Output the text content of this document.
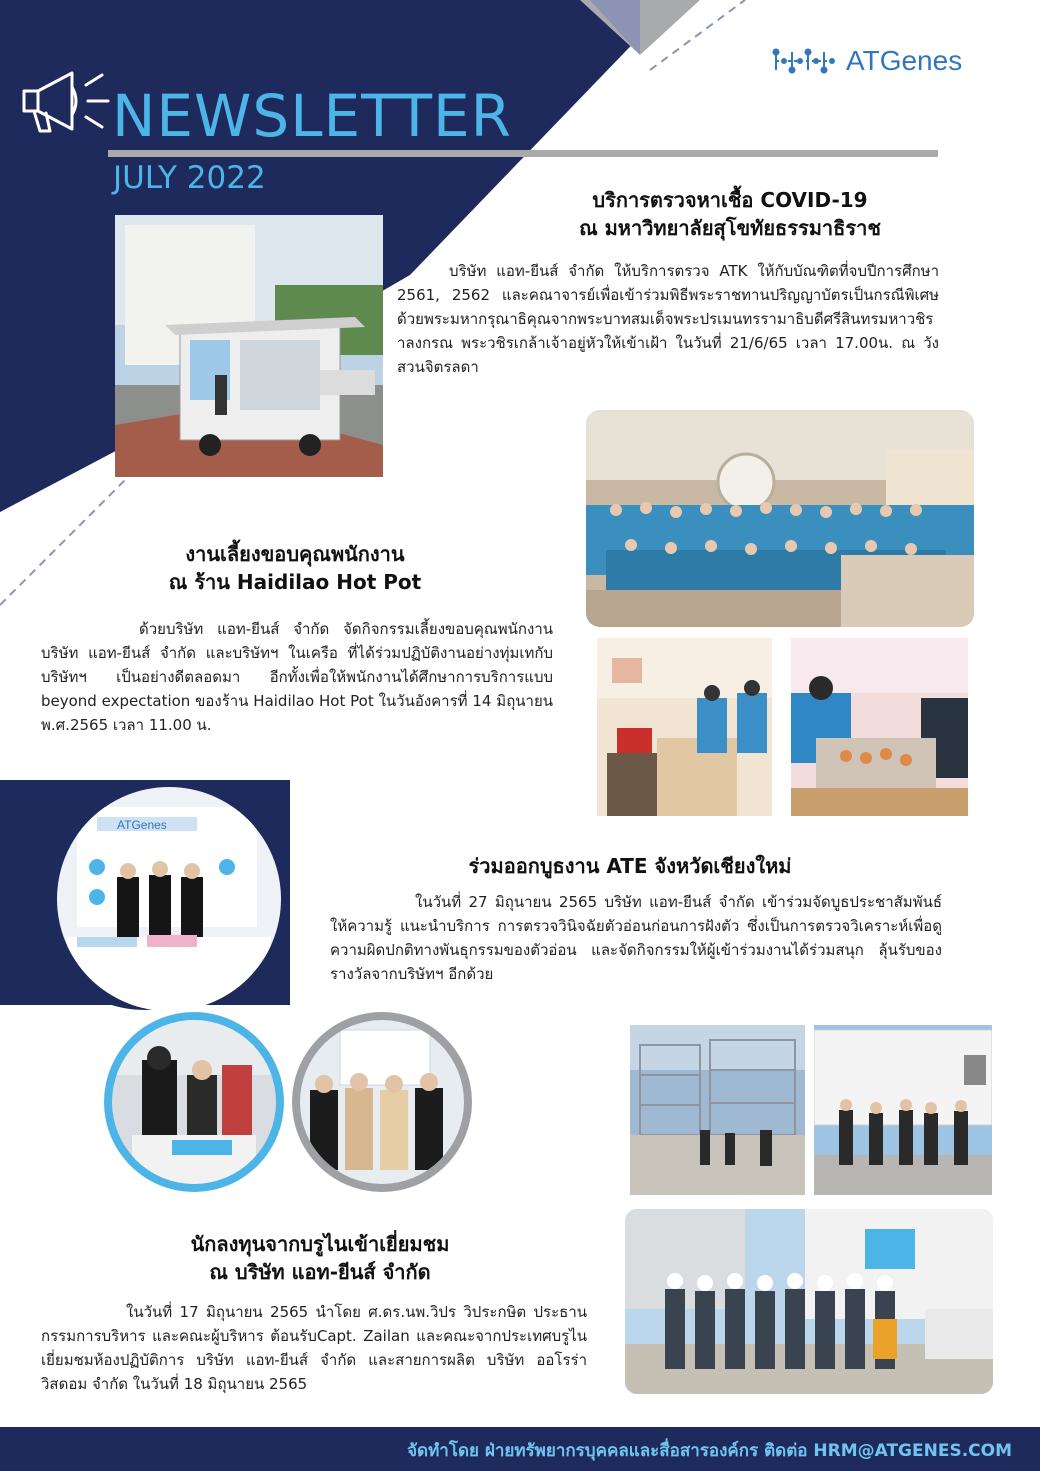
NEWSLETTER
JULY 2022
ATGenes
บริการตรวจหาเชื้อ COVID-19
ณ มหาวิทยาลัยสุโขทัยธรรมาธิราช
บริษัท แอท-ยีนส์ จำกัด ให้บริการตรวจ ATK ให้กับบัณฑิตที่จบปีการศึกษา 2561, 2562 และคณาจารย์เพื่อเข้าร่วมพิธีพระราชทานปริญญาบัตรเป็นกรณีพิเศษ ด้วยพระมหากรุณาธิคุณจากพระบาทสมเด็จพระปรเมนทรรามาธิบดีศรีสินทรมหาวชิราลงกรณ พระวชิรเกล้าเจ้าอยู่หัวให้เข้าเฝ้า ในวันที่ 21/6/65 เวลา 17.00น. ณ วังสวนจิตรลดา
งานเลี้ยงขอบคุณพนักงาน
ณ ร้าน Haidilao Hot Pot
ด้วยบริษัท แอท-ยีนส์ จำกัด จัดกิจกรรมเลี้ยงขอบคุณพนักงาน บริษัท แอท-ยีนส์ จำกัด และบริษัทฯ ในเครือ ที่ได้ร่วมปฏิบัติงานอย่างทุ่มเทกับบริษัทฯ เป็นอย่างดีตลอดมา อีกทั้งเพื่อให้พนักงานได้ศึกษาการบริการแบบ beyond expectation ของร้าน Haidilao Hot Pot ในวันอังคารที่ 14 มิถุนายน พ.ศ.2565 เวลา 11.00 น.
ATGenes
ร่วมออกบูธงาน ATE จังหวัดเชียงใหม่
ในวันที่ 27 มิถุนายน 2565 บริษัท แอท-ยีนส์ จำกัด เข้าร่วมจัดบูธประชาสัมพันธ์ ให้ความรู้ แนะนำบริการ การตรวจวินิจฉัยตัวอ่อนก่อนการฝังตัว ซึ่งเป็นการตรวจวิเคราะห์เพื่อดูความผิดปกติทางพันธุกรรมของตัวอ่อน และจัดกิจกรรมให้ผู้เข้าร่วมงานได้ร่วมสนุก ลุ้นรับของรางวัลจากบริษัทฯ อีกด้วย
นักลงทุนจากบรูไนเข้าเยี่ยมชม
ณ บริษัท แอท-ยีนส์ จำกัด
ในวันที่ 17 มิถุนายน 2565 นำโดย ศ.ดร.นพ.วิปร วิประกษิต ประธานกรรมการบริหาร และคณะผู้บริหาร ต้อนรับCapt. Zailan และคณะจากประเทศบรูไน เยี่ยมชมห้องปฏิบัติการ บริษัท แอท-ยีนส์ จำกัด และสายการผลิต บริษัท ออโรร่า วิสดอม จำกัด ในวันที่ 18 มิถุนายน 2565
จัดทำโดย ฝ่ายทรัพยากรบุคคลและสื่อสารองค์กร ติดต่อ HRM@ATGENES.COM
